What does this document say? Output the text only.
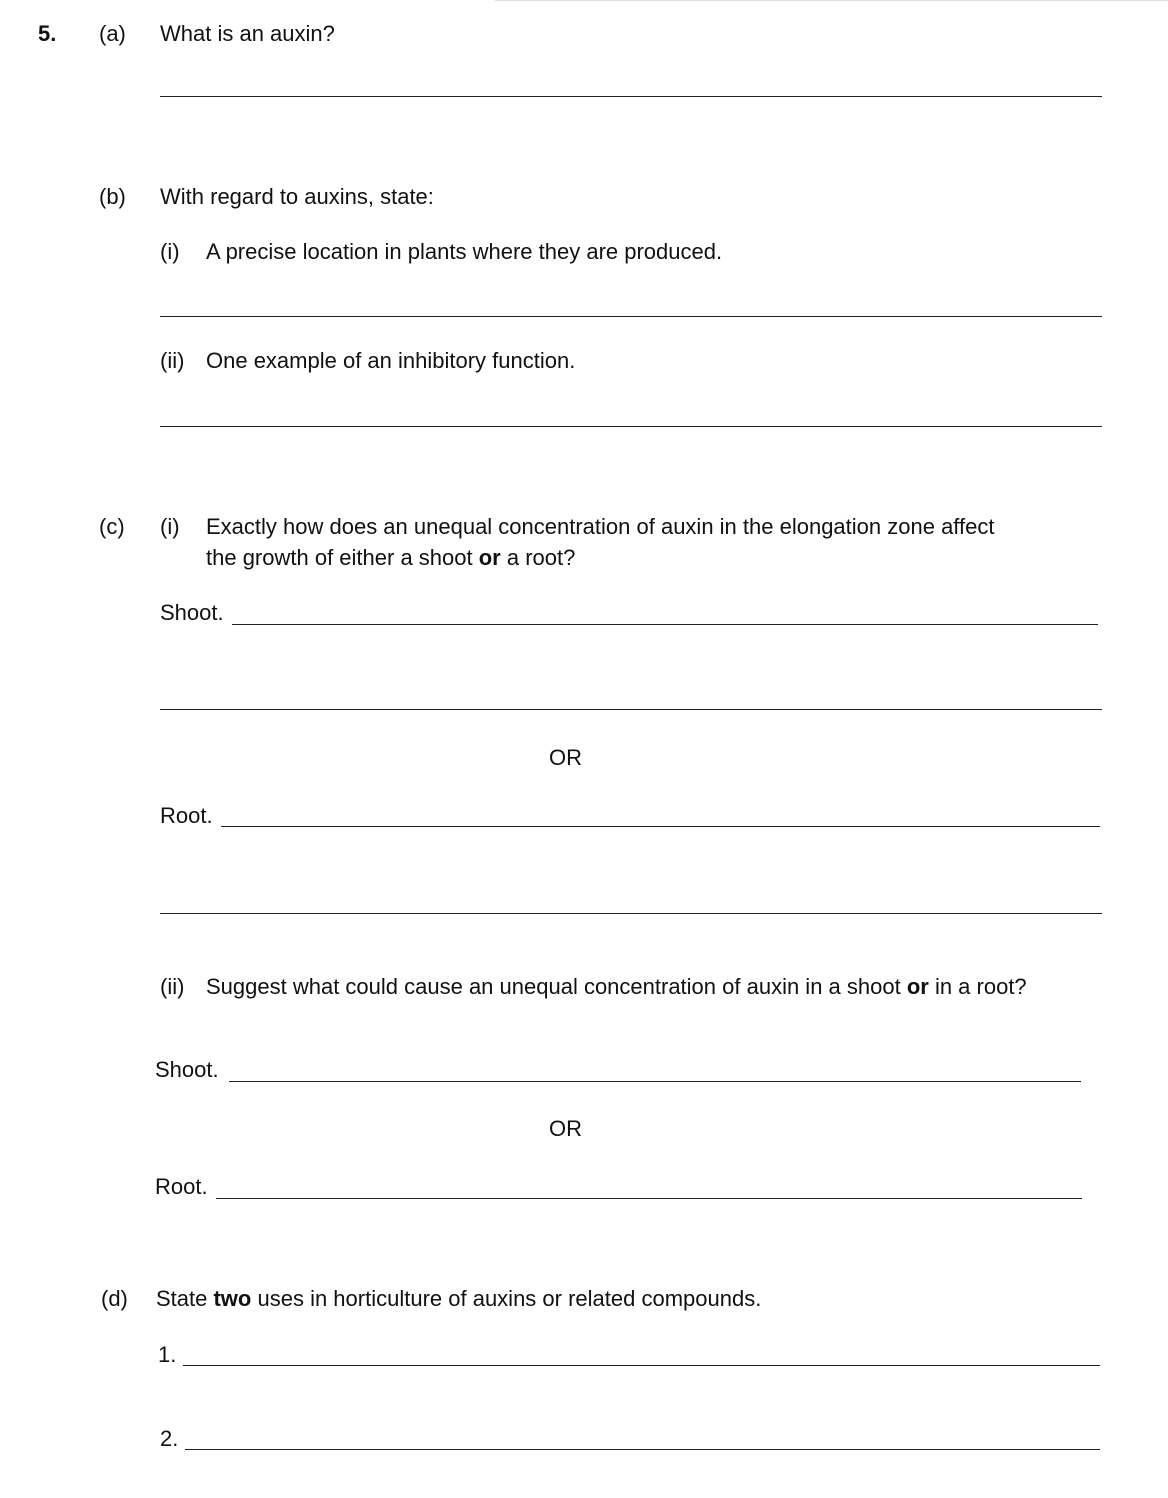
5. (a) What is an auxin?
(b) With regard to auxins, state:
(i) A precise location in plants where they are produced.
(ii) One example of an inhibitory function.
(c) (i) Exactly how does an unequal concentration of auxin in the elongation zone affect
the growth of either a shoot or a root?
Shoot.
OR
Root.
(ii) Suggest what could cause an unequal concentration of auxin in a shoot or in a root?
Shoot.
OR
Root.
(d) State two uses in horticulture of auxins or related compounds.
1.
2.
